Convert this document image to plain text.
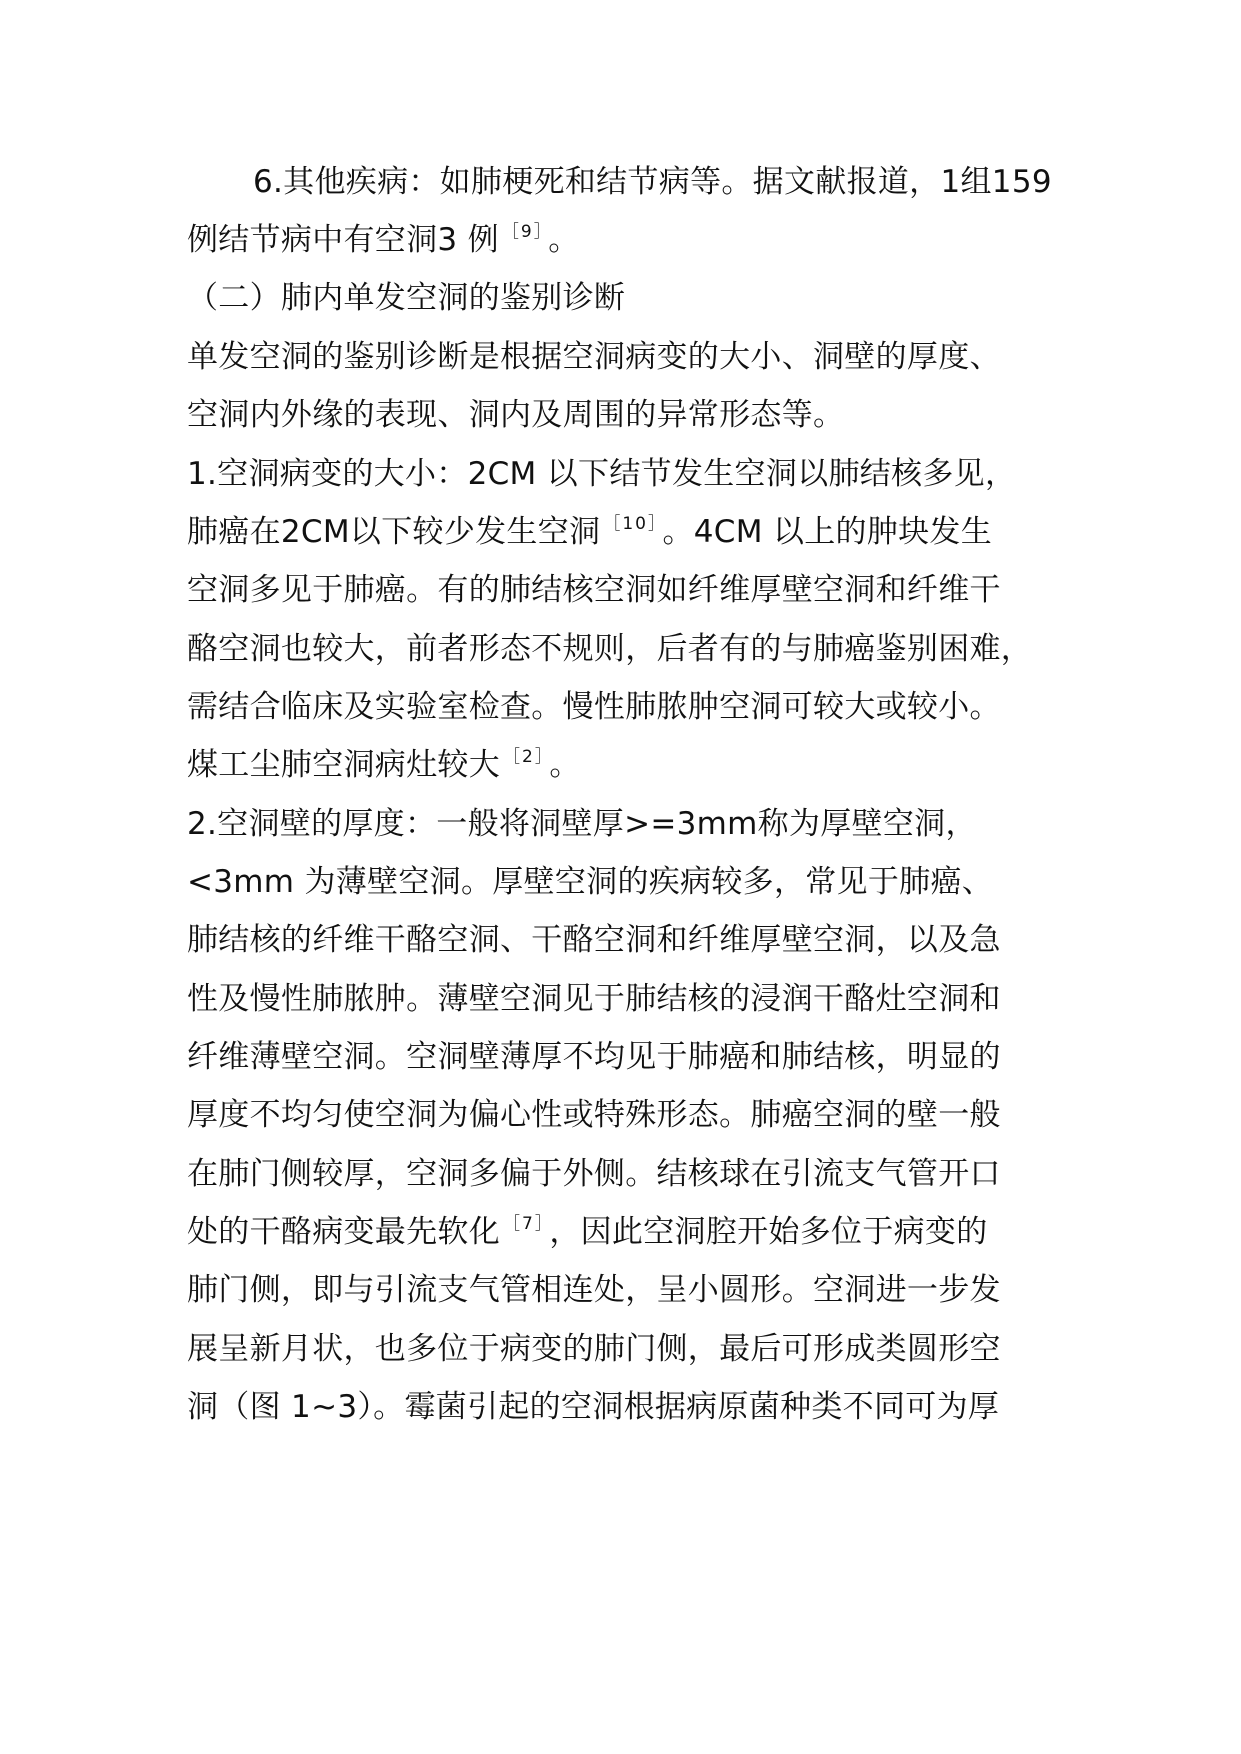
6.其他疾病：如肺梗死和结节病等。据文献报道，1组159
例结节病中有空洞3 例 $^{[9]}$ 。
（二）肺内单发空洞的鉴别诊断
单发空洞的鉴别诊断是根据空洞病变的大小、洞壁的厚度、
空洞内外缘的表现、洞内及周围的异常形态等。
1.空洞病变的大小：2CM 以下结节发生空洞以肺结核多见，
肺癌在2CM以下较少发生空洞 $^{[10]}$ 。4CM 以上的肿块发生
空洞多见于肺癌。有的肺结核空洞如纤维厚壁空洞和纤维干
酪空洞也较大，前者形态不规则，后者有的与肺癌鉴别困难，
需结合临床及实验室检查。慢性肺脓肿空洞可较大或较小。
煤工尘肺空洞病灶较大 $^{[2]}$ 。
2.空洞壁的厚度：一般将洞壁厚>=3mm称为厚壁空洞，
<3mm 为薄壁空洞。厚壁空洞的疾病较多，常见于肺癌、
肺结核的纤维干酪空洞、干酪空洞和纤维厚壁空洞，以及急
性及慢性肺脓肿。薄壁空洞见于肺结核的浸润干酪灶空洞和
纤维薄壁空洞。空洞壁薄厚不均见于肺癌和肺结核，明显的
厚度不均匀使空洞为偏心性或特殊形态。肺癌空洞的壁一般
在肺门侧较厚，空洞多偏于外侧。结核球在引流支气管开口
处的干酪病变最先软化 $^{[7]}$ ，因此空洞腔开始多位于病变的
肺门侧，即与引流支气管相连处，呈小圆形。空洞进一步发
展呈新月状，也多位于病变的肺门侧，最后可形成类圆形空
洞（图 1~3）。霉菌引起的空洞根据病原菌种类不同可为厚
